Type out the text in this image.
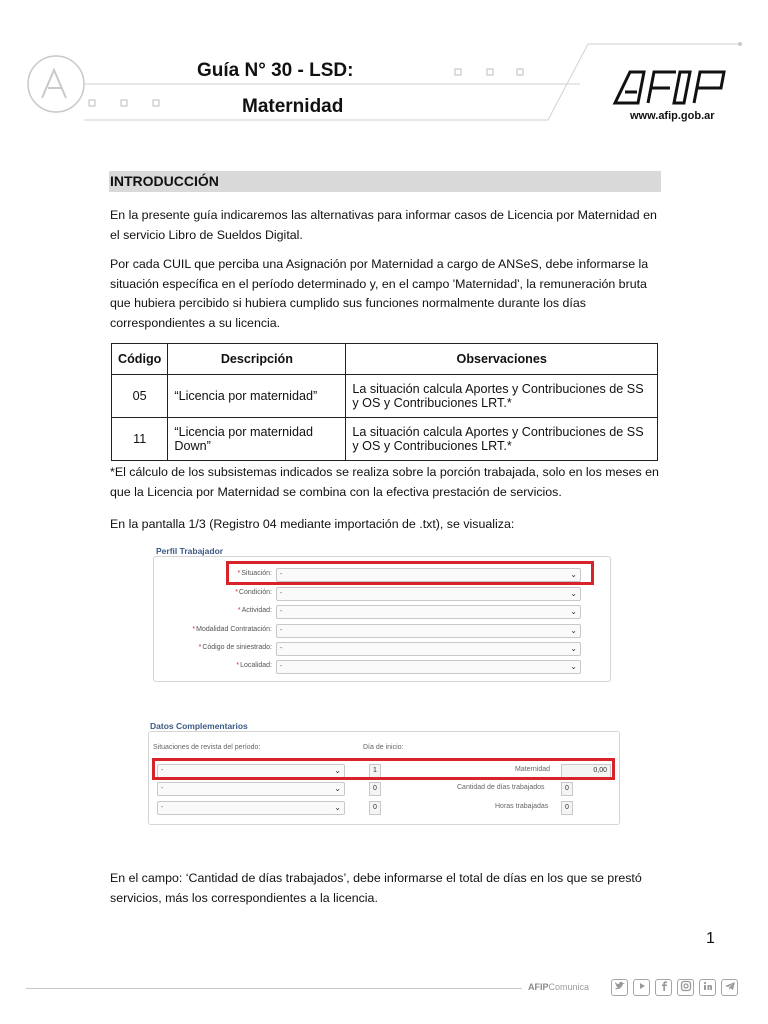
Guía N° 30 - LSD:
Maternidad	www.afip.gob.ar
INTRODUCCIÓN

En la presente guía indicaremos las alternativas para informar casos de Licencia por Maternidad en el servicio Libro de Sueldos Digital.

Por cada CUIL que perciba una Asignación por Maternidad a cargo de ANSeS, debe informarse la situación específica en el período determinado y, en el campo 'Maternidad', la remuneración bruta que hubiera percibido si hubiera cumplido sus funciones normalmente durante los días correspondientes a su licencia.

Código	Descripción	Observaciones
05	“Licencia por maternidad”	La situación calcula Aportes y Contribuciones de SS y OS y Contribuciones LRT.*
11	“Licencia por maternidad Down”	La situación calcula Aportes y Contribuciones de SS y OS y Contribuciones LRT.*

*El cálculo de los subsistemas indicados se realiza sobre la porción trabajada, solo en los meses en que la Licencia por Maternidad se combina con la efectiva prestación de servicios.

En la pantalla 1/3 (Registro 04 mediante importación de .txt), se visualiza:

Perfil Trabajador
*Situación:	-	⌄
*Condición:	-	⌄
*Actividad:	-	⌄
*Modalidad Contratación:	-	⌄
*Código de siniestrado:	-	⌄
*Localidad:	-	⌄
Datos Complementarios
Situaciones de revista del período:	Día de inicio:
-	⌄	1	Maternidad	0,00
-	⌄	0	Cantidad de días trabajados	0
-	⌄	0	Horas trabajadas	0

En el campo: ‘Cantidad de días trabajados’, debe informarse el total de días en los que se prestó servicios, más los correspondientes a la licencia.

1
AFIPComunica
